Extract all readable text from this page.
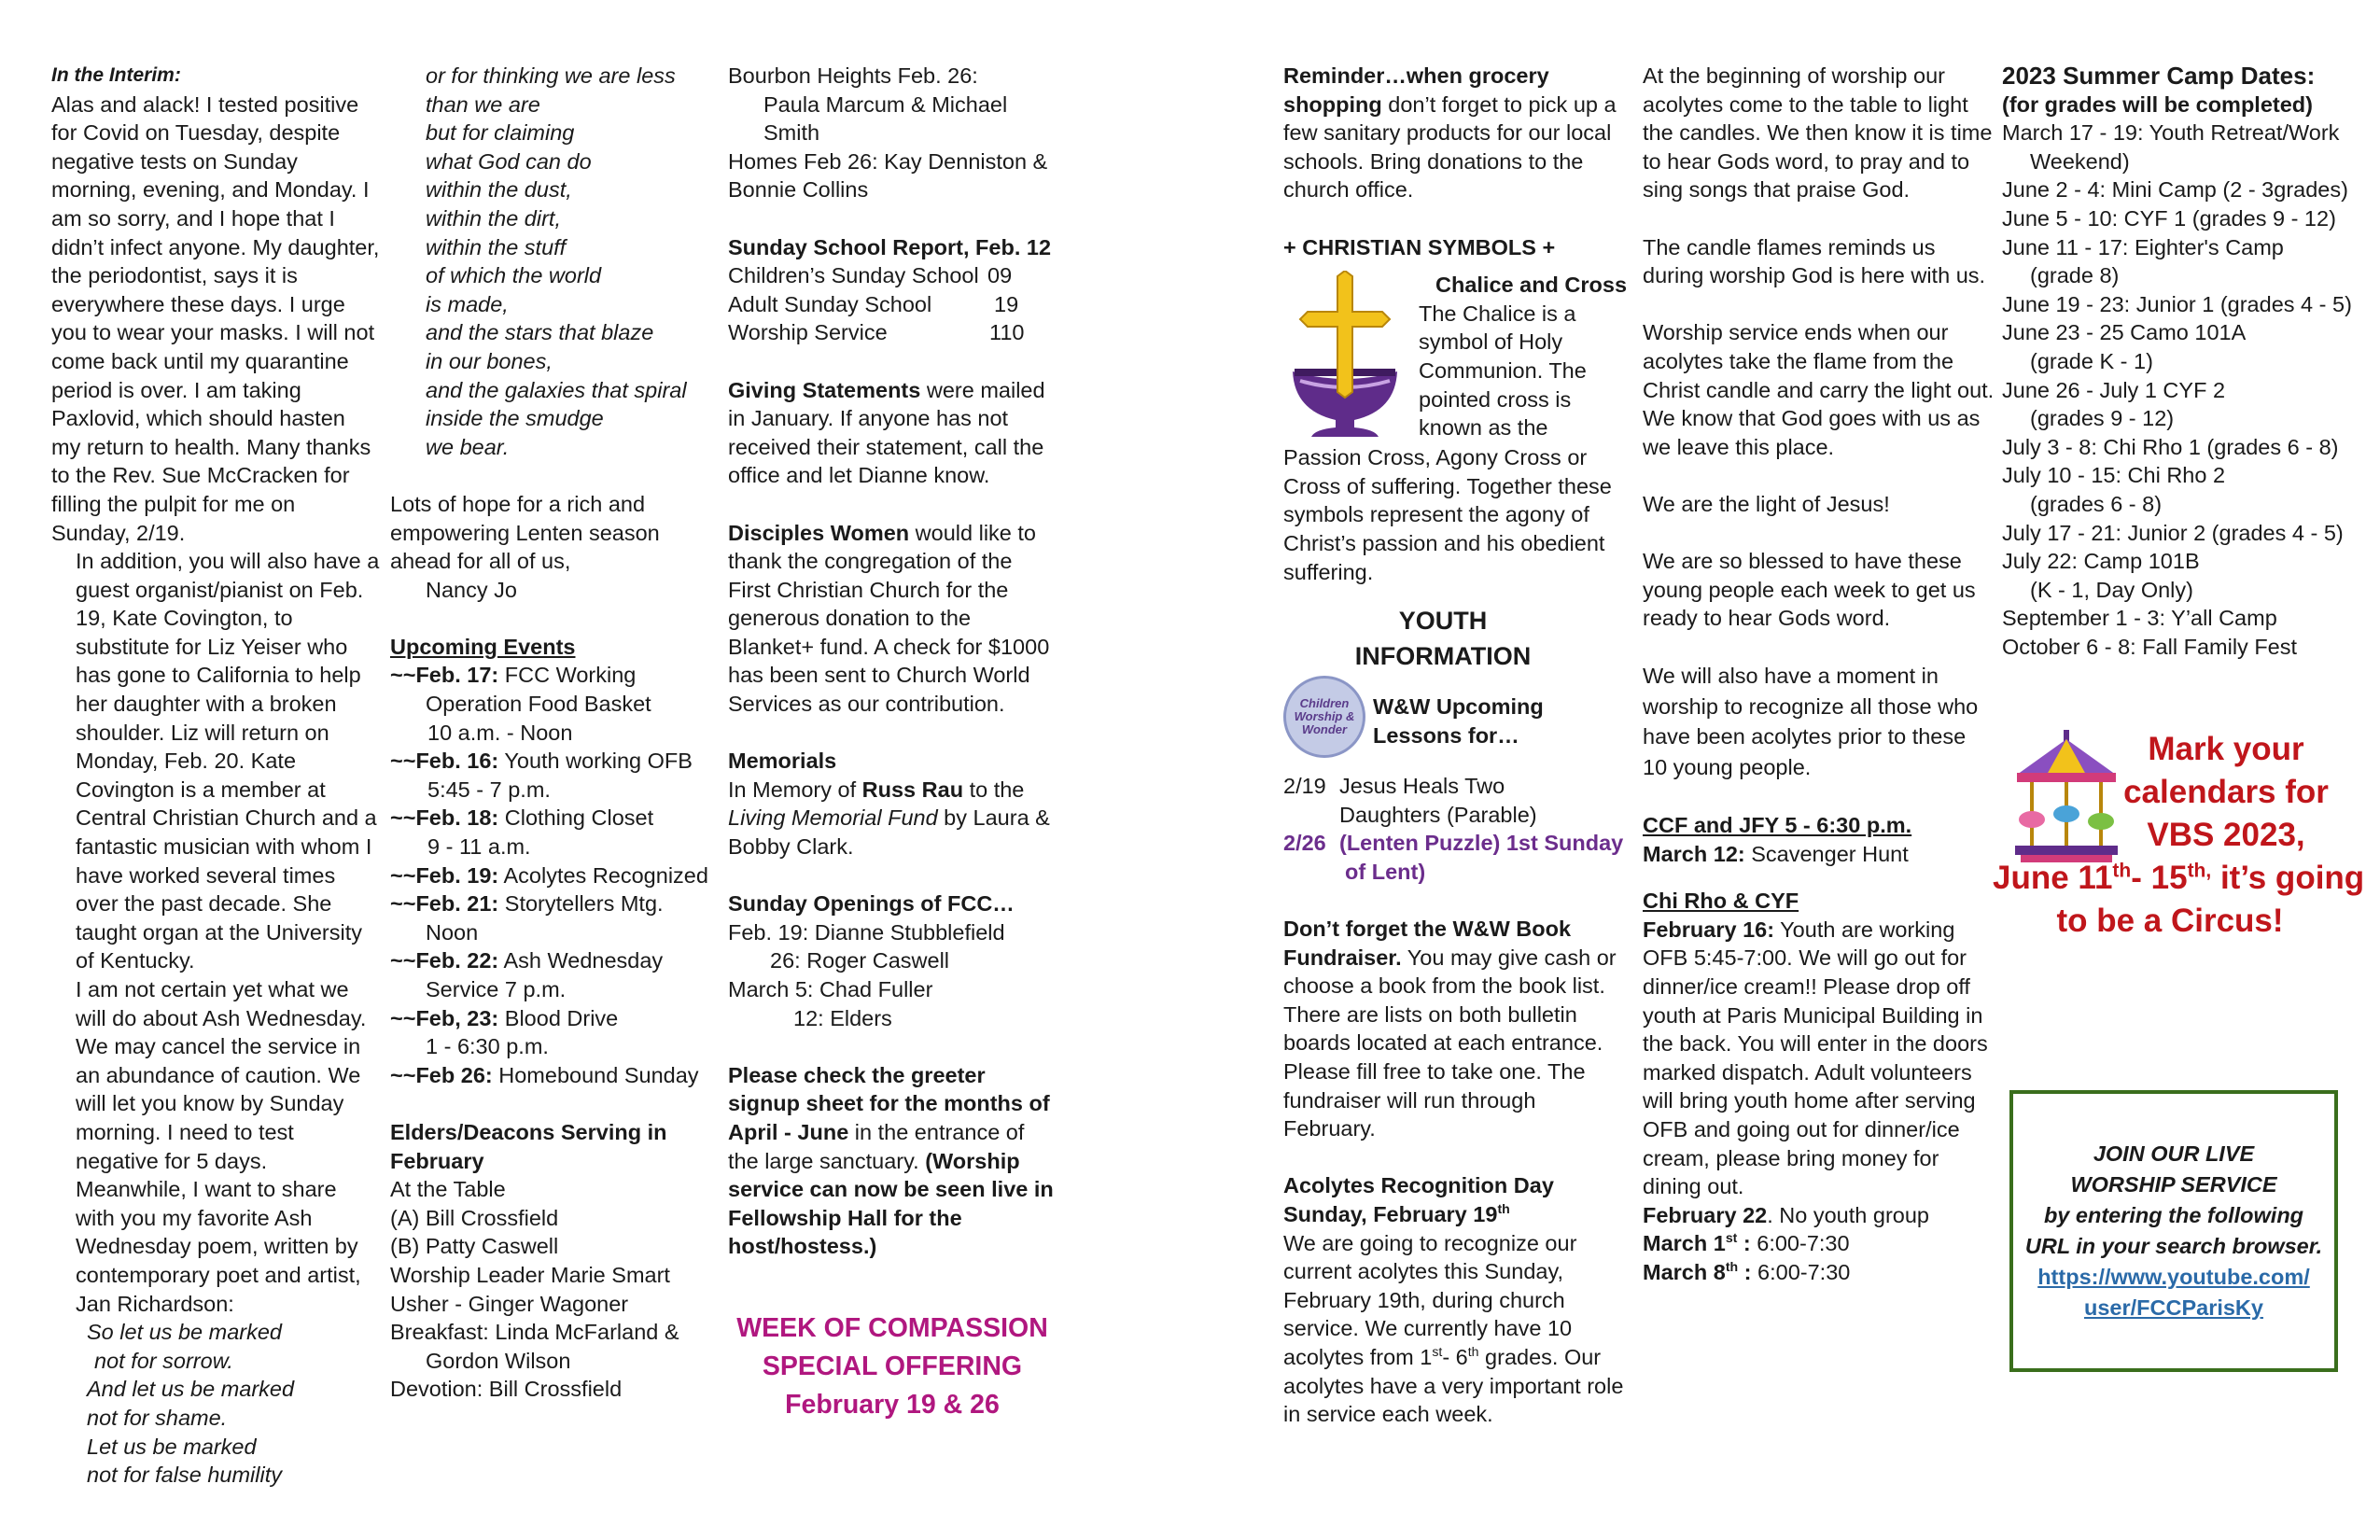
In the Interim:

Alas and alack! I tested positive for Covid on Tuesday, despite negative tests on Sunday morning, evening, and Monday. I am so sorry, and I hope that I didn’t infect anyone. My daughter, the periodontist, says it is everywhere these days. I urge you to wear your masks. I will not come back until my quarantine period is over. I am taking Paxlovid, which should hasten my return to health. Many thanks to the Rev. Sue McCracken for filling the pulpit for me on Sunday, 2/19.

In addition, you will also have a guest organist/pianist on Feb. 19, Kate Covington, to substitute for Liz Yeiser who has gone to California to help her daughter with a broken shoulder. Liz will return on Monday, Feb. 20. Kate Covington is a member at Central Christian Church and a fantastic musician with whom I have worked several times over the past decade. She taught organ at the University of Kentucky.

I am not certain yet what we will do about Ash Wednesday. We may cancel the service in an abundance of caution. We will let you know by Sunday morning. I need to test negative for 5 days.

Meanwhile, I want to share with you my favorite Ash Wednesday poem, written by contemporary poet and artist, Jan Richardson:

So let us be marked

not for sorrow.

And let us be marked

not for shame.

Let us be marked

not for false humility

or for thinking we are less

than we are

but for claiming

what God can do

within the dust,

within the dirt,

within the stuff

of which the world

is made,

and the stars that blaze

in our bones,

and the galaxies that spiral

inside the smudge

we bear.

Lots of hope for a rich and empowering Lenten season ahead for all of us,

Nancy Jo

Upcoming Events

~~Feb. 17: FCC Working

Operation Food Basket

10 a.m. - Noon

~~Feb. 16: Youth working OFB

5:45 - 7 p.m.

~~Feb. 18: Clothing Closet

9 - 11 a.m.

~~Feb. 19: Acolytes Recognized

~~Feb. 21: Storytellers Mtg.

Noon

~~Feb. 22: Ash Wednesday

Service 7 p.m.

~~Feb, 23: Blood Drive

1 - 6:30 p.m.

~~Feb 26: Homebound Sunday

Elders/Deacons Serving in February

At the Table

(A) Bill Crossfield

(B) Patty Caswell

Worship Leader Marie Smart

Usher - Ginger Wagoner

Breakfast: Linda McFarland &

Gordon Wilson

Devotion: Bill Crossfield

Bourbon Heights Feb. 26:

Paula Marcum & Michael Smith

Homes Feb 26: Kay Denniston & Bonnie Collins

Sunday School Report, Feb. 12

Children’s Sunday School 09

Adult Sunday School	19

Worship Service	110

Giving Statements were mailed in January. If anyone has not received their statement, call the office and let Dianne know.

Disciples Women would like to thank the congregation of the First Christian Church for the generous donation to the Blanket+ fund. A check for $1000 has been sent to Church World Services as our contribution.

Memorials

In Memory of Russ Rau to the Living Memorial Fund by Laura & Bobby Clark.

Sunday Openings of FCC…

Feb. 19: Dianne Stubblefield

26: Roger Caswell

March 5: Chad Fuller

12: Elders

Please check the greeter signup sheet for the months of April - June in the entrance of the large sanctuary. (Worship service can now be seen live in Fellowship Hall for the host/hostess.)

WEEK OF COMPASSION

SPECIAL OFFERING

February 19 & 26

Reminder…when grocery shopping don’t forget to pick up a few sanitary products for our local schools. Bring donations to the church office.

+ CHRISTIAN SYMBOLS +

Chalice and Cross

The Chalice is a symbol of Holy Communion. The pointed cross is known as the

Passion Cross, Agony Cross or Cross of suffering. Together these symbols represent the agony of Christ’s passion and his obedient suffering.

YOUTH

INFORMATION

Children Worship & Wonder

W&W Upcoming

Lessons for…

2/19 Jesus Heals Two

Daughters (Parable)

2/26 (Lenten Puzzle) 1st Sunday

of Lent)

Don’t forget the W&W Book Fundraiser. You may give cash or choose a book from the book list. There are lists on both bulletin boards located at each entrance. Please fill free to take one. The fundraiser will run through February.

Acolytes Recognition Day

Sunday, February 19th

We are going to recognize our current acolytes this Sunday, February 19th, during church service. We currently have 10 acolytes from 1st- 6th grades. Our acolytes have a very important role in service each week.

At the beginning of worship our acolytes come to the table to light the candles. We then know it is time to hear Gods word, to pray and to sing songs that praise God.

The candle flames reminds us during worship God is here with us.

Worship service ends when our acolytes take the flame from the Christ candle and carry the light out. We know that God goes with us as we leave this place.

We are the light of Jesus!

We are so blessed to have these young people each week to get us ready to hear Gods word.

We will also have a moment in worship to recognize all those who have been acolytes prior to these 10 young people.

CCF and JFY 5 - 6:30 p.m.

March 12: Scavenger Hunt

Chi Rho & CYF

February 16: Youth are working OFB 5:45-7:00. We will go out for dinner/ice cream!! Please drop off youth at Paris Municipal Building in the back. You will enter in the doors marked dispatch. Adult volunteers will bring youth home after serving OFB and going out for dinner/ice cream, please bring money for dining out.

February 22. No youth group

March 1st : 6:00-7:30

March 8th : 6:00-7:30

2023 Summer Camp Dates:

(for grades will be completed)

March 17 - 19: Youth Retreat/Work

Weekend)

June 2 - 4: Mini Camp (2 - 3grades)

June 5 - 10: CYF 1 (grades 9 - 12)

June 11 - 17: Eighter's Camp

(grade 8)

June 19 - 23: Junior 1 (grades 4 - 5)

June 23 - 25 Camo 101A

(grade K - 1)

June 26 - July 1 CYF 2

(grades 9 - 12)

July 3 - 8: Chi Rho 1 (grades 6 - 8)

July 10 - 15: Chi Rho 2

(grades 6 - 8)

July 17 - 21: Junior 2 (grades 4 - 5)

July 22: Camp 101B

(K - 1, Day Only)

September 1 - 3: Y’all Camp

October 6 - 8: Fall Family Fest

Mark your

calendars for

VBS 2023,

June 11th- $15^{th,}$ it’s going

to be a Circus!

JOIN OUR LIVE
WORSHIP SERVICE
by entering the following
URL in your search browser.
https://www.youtube.com/
user/FCCParisKy
